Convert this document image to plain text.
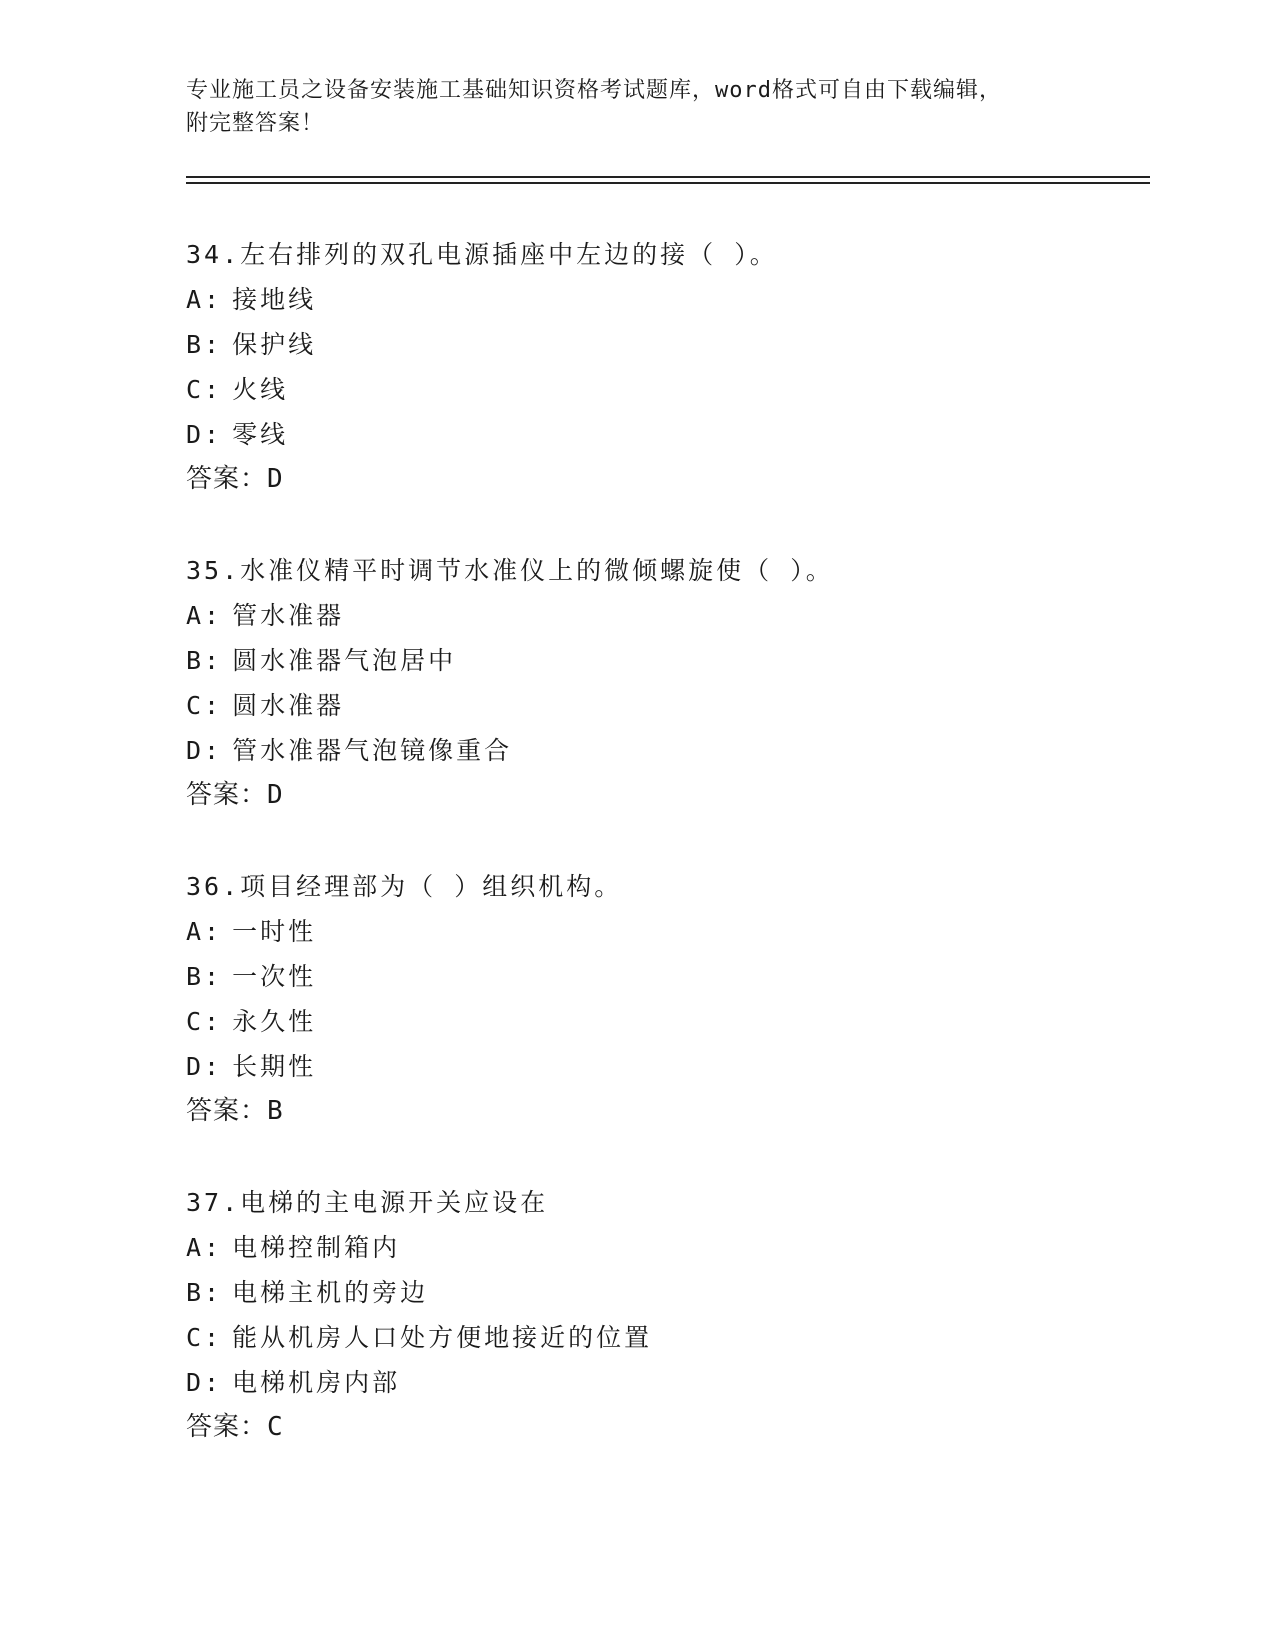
专业施工员之设备安装施工基础知识资格考试题库，word格式可自由下载编辑，
附完整答案！
34.左右排列的双孔电源插座中左边的接（ ）。
A: 接地线
B: 保护线
C: 火线
D: 零线
答案：D
35.水准仪精平时调节水准仪上的微倾螺旋使（ ）。
A: 管水准器
B: 圆水准器气泡居中
C: 圆水准器
D: 管水准器气泡镜像重合
答案：D
36.项目经理部为（ ）组织机构。
A: 一时性
B: 一次性
C: 永久性
D: 长期性
答案：B
37.电梯的主电源开关应设在
A: 电梯控制箱内
B: 电梯主机的旁边
C: 能从机房人口处方便地接近的位置
D: 电梯机房内部
答案：C
